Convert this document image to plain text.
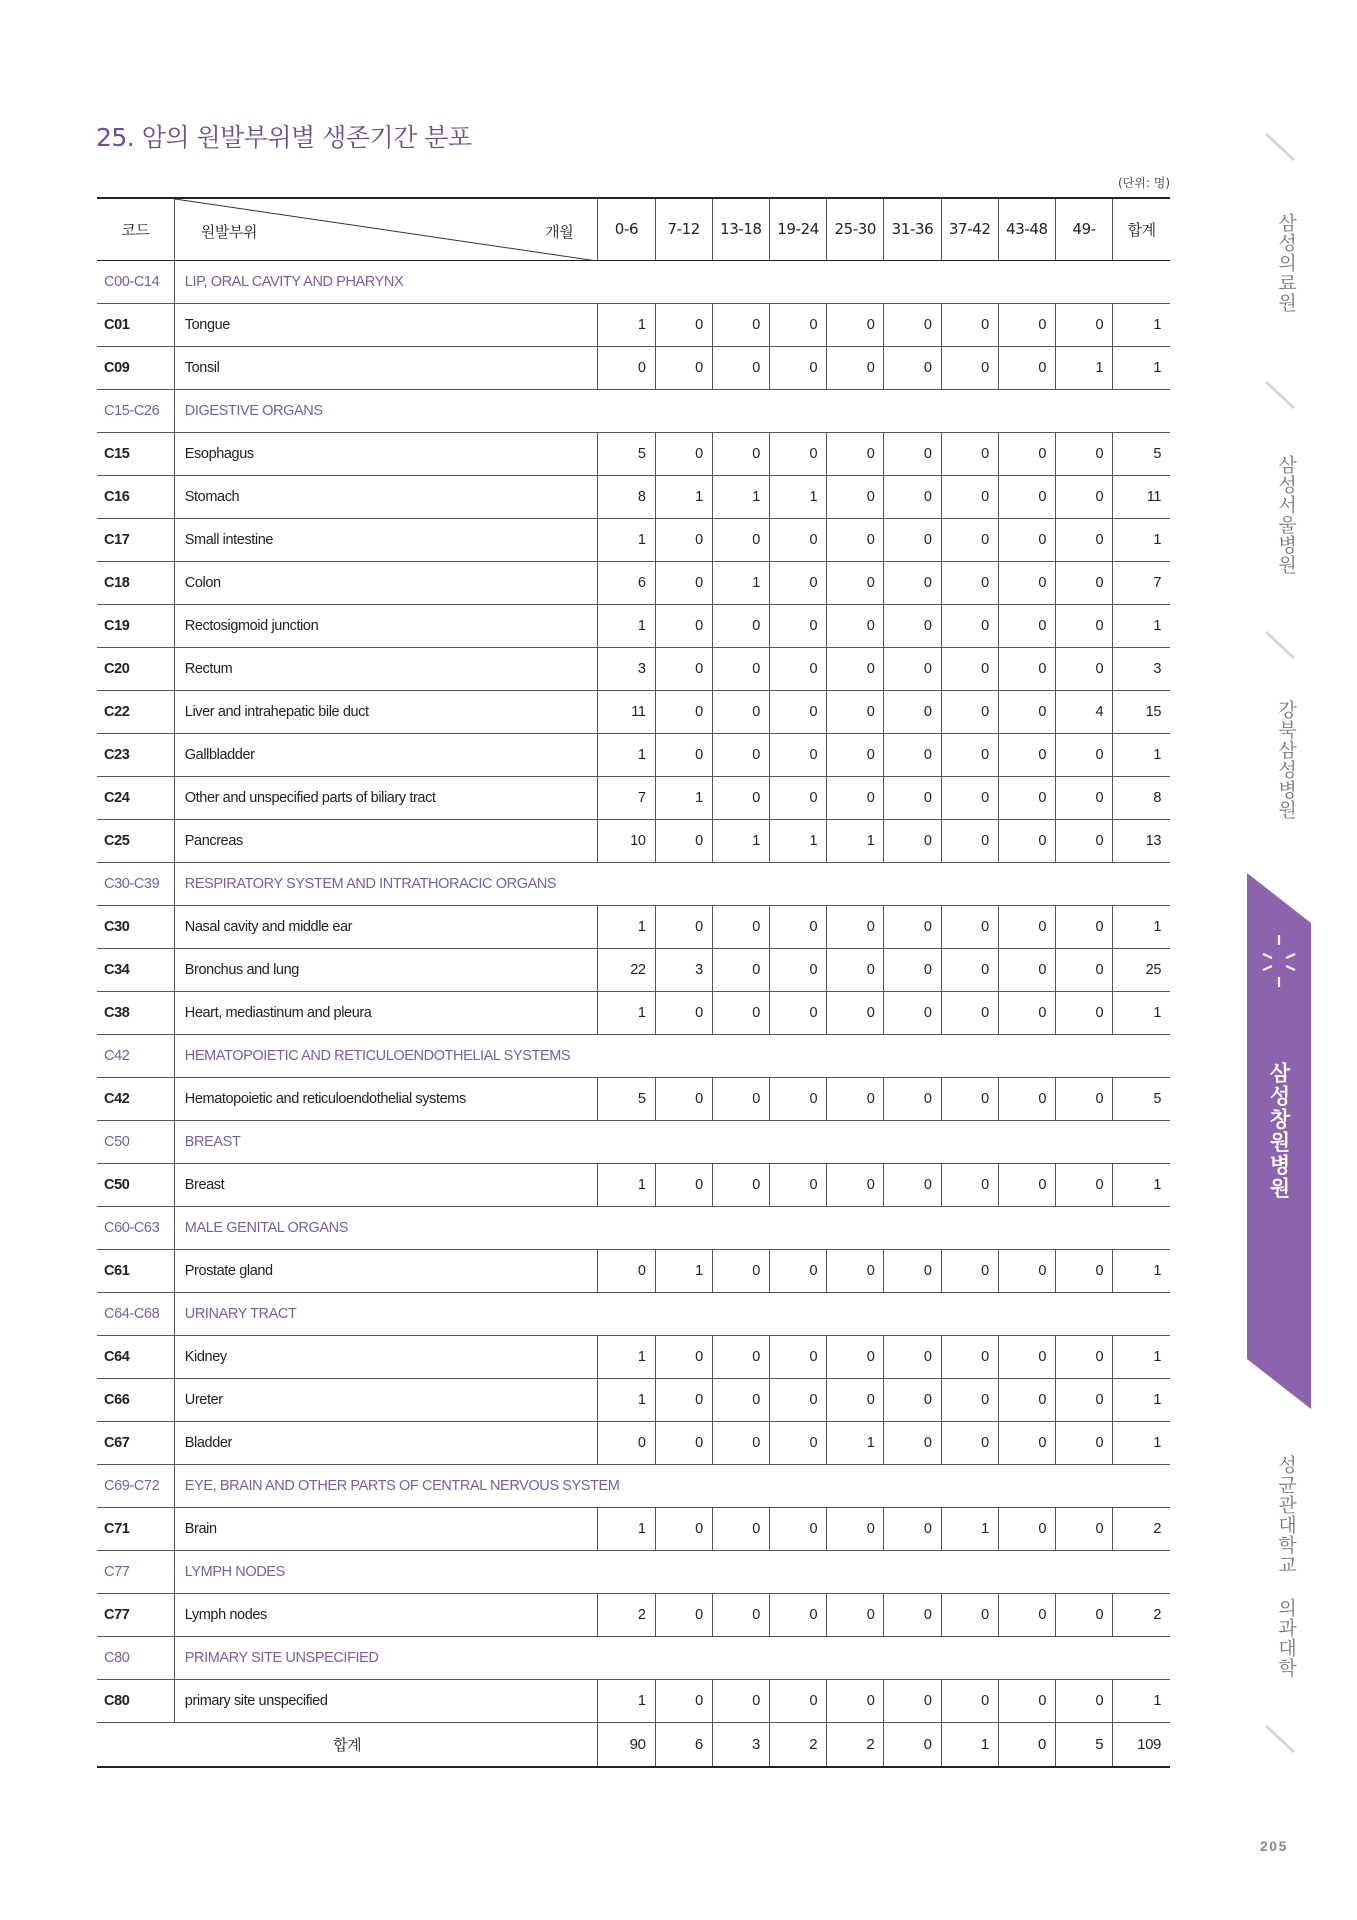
25. 암의 원발부위별 생존기간 분포
(단위: 명)
코드	원발부위 개월	0-6	7-12	13-18	19-24	25-30	31-36	37-42	43-48	49-	합계
C00-C14	LIP, ORAL CAVITY AND PHARYNX										
C01	Tongue	1	0	0	0	0	0	0	0	0	1
C09	Tonsil	0	0	0	0	0	0	0	0	1	1
C15-C26	DIGESTIVE ORGANS										
C15	Esophagus	5	0	0	0	0	0	0	0	0	5
C16	Stomach	8	1	1	1	0	0	0	0	0	11
C17	Small intestine	1	0	0	0	0	0	0	0	0	1
C18	Colon	6	0	1	0	0	0	0	0	0	7
C19	Rectosigmoid junction	1	0	0	0	0	0	0	0	0	1
C20	Rectum	3	0	0	0	0	0	0	0	0	3
C22	Liver and intrahepatic bile duct	11	0	0	0	0	0	0	0	4	15
C23	Gallbladder	1	0	0	0	0	0	0	0	0	1
C24	Other and unspecified parts of biliary tract	7	1	0	0	0	0	0	0	0	8
C25	Pancreas	10	0	1	1	1	0	0	0	0	13
C30-C39	RESPIRATORY SYSTEM AND INTRATHORACIC ORGANS										
C30	Nasal cavity and middle ear	1	0	0	0	0	0	0	0	0	1
C34	Bronchus and lung	22	3	0	0	0	0	0	0	0	25
C38	Heart, mediastinum and pleura	1	0	0	0	0	0	0	0	0	1
C42	HEMATOPOIETIC AND RETICULOENDOTHELIAL SYSTEMS										
C42	Hematopoietic and reticuloendothelial systems	5	0	0	0	0	0	0	0	0	5
C50	BREAST										
C50	Breast	1	0	0	0	0	0	0	0	0	1
C60-C63	MALE GENITAL ORGANS										
C61	Prostate gland	0	1	0	0	0	0	0	0	0	1
C64-C68	URINARY TRACT										
C64	Kidney	1	0	0	0	0	0	0	0	0	1
C66	Ureter	1	0	0	0	0	0	0	0	0	1
C67	Bladder	0	0	0	0	1	0	0	0	0	1
C69-C72	EYE, BRAIN AND OTHER PARTS OF CENTRAL NERVOUS SYSTEM										
C71	Brain	1	0	0	0	0	0	1	0	0	2
C77	LYMPH NODES										
C77	Lymph nodes	2	0	0	0	0	0	0	0	0	2
C80	PRIMARY SITE UNSPECIFIED										
C80	primary site unspecified	1	0	0	0	0	0	0	0	0	1
합계		90	6	3	2	2	0	1	0	5	109
삼성의료원
삼성서울병원
강북삼성병원
삼성창원병원
성균관대학교 의과대학
205
